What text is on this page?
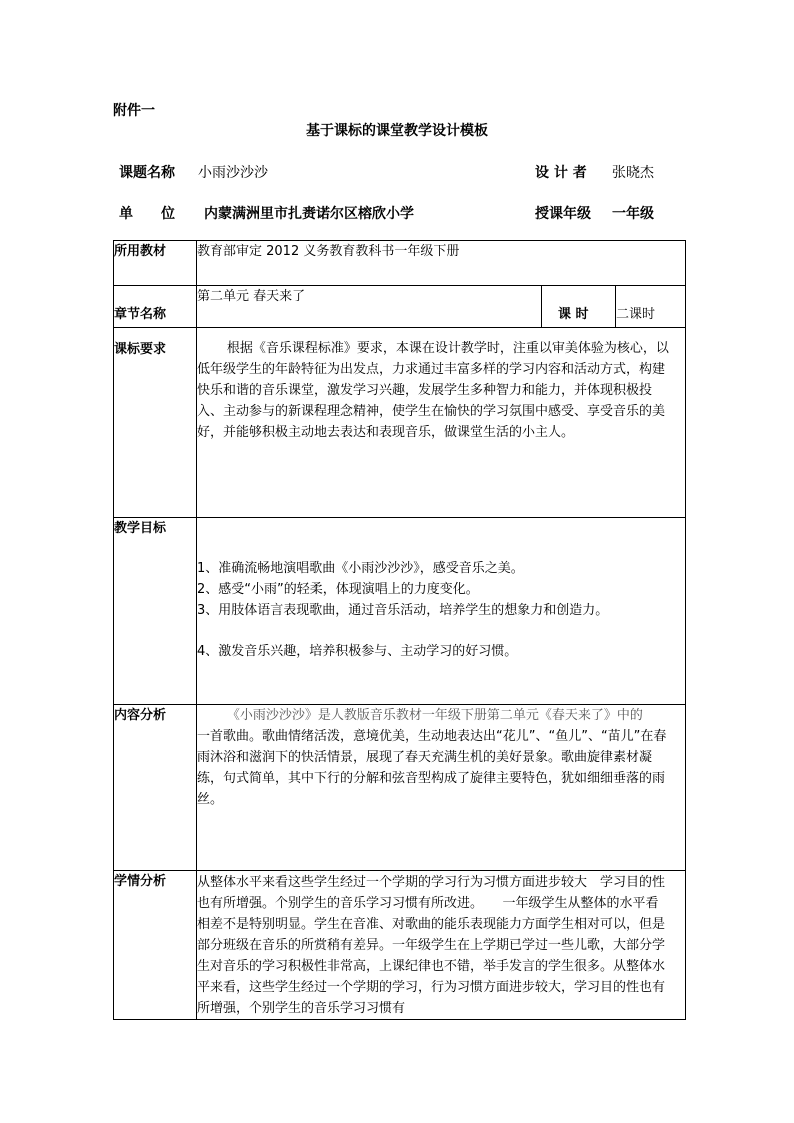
附件一
基于课标的课堂教学设计模板
课题名称 小雨沙沙沙	设 计 者 张晓杰
单　　位 内蒙满洲里市扎赉诺尔区榕欣小学	授课年级 一年级
所用教材	教育部审定 2012 义务教育教科书一年级下册		
章节名称	第二单元 春天来了	课 时	二课时
课标要求	根据《音乐课程标准》要求，本课在设计教学时，注重以审美体验为核心，以低年级学生的年龄特征为出发点，力求通过丰富多样的学习内容和活动方式，构建快乐和谐的音乐课堂，激发学习兴趣，发展学生多种智力和能力，并体现积极投入、主动参与的新课程理念精神，使学生在愉快的学习氛围中感受、享受音乐的美好，并能够积极主动地去表达和表现音乐，做课堂生活的小主人。		

教学目标	1、准确流畅地演唱歌曲《小雨沙沙沙》，感受音乐之美。

2、感受“小雨”的轻柔，体现演唱上的力度变化。

3、用肢体语言表现歌曲，通过音乐活动，培养学生的想象力和创造力。

4、激发音乐兴趣，培养积极参与、主动学习的好习惯。		

内容分析	《小雨沙沙沙》是人教版音乐教材一年级下册第二单元《春天来了》中的
一首歌曲。歌曲情绪活泼，意境优美，生动地表达出“花儿”、“鱼儿”、“苗儿”在春雨沐浴和滋润下的快活情景，展现了春天充满生机的美好景象。歌曲旋律素材凝练，句式简单，其中下行的分解和弦音型构成了旋律主要特色，犹如细细垂落的雨丝。		

学情分析	从整体水平来看这些学生经过一个学期的学习行为习惯方面进步较大　学习目的性也有所增强。个别学生的音乐学习习惯有所改进。　　一年级学生从整体的水平看相差不是特别明显。学生在音准、对歌曲的能乐表现能力方面学生相对可以，但是部分班级在音乐的所赏稍有差异。一年级学生在上学期已学过一些儿歌，大部分学生对音乐的学习积极性非常高，上课纪律也不错，举手发言的学生很多。从整体水平来看，这些学生经过一个学期的学习，行为习惯方面进步较大，学习目的性也有所增强，个别学生的音乐学习习惯有		
